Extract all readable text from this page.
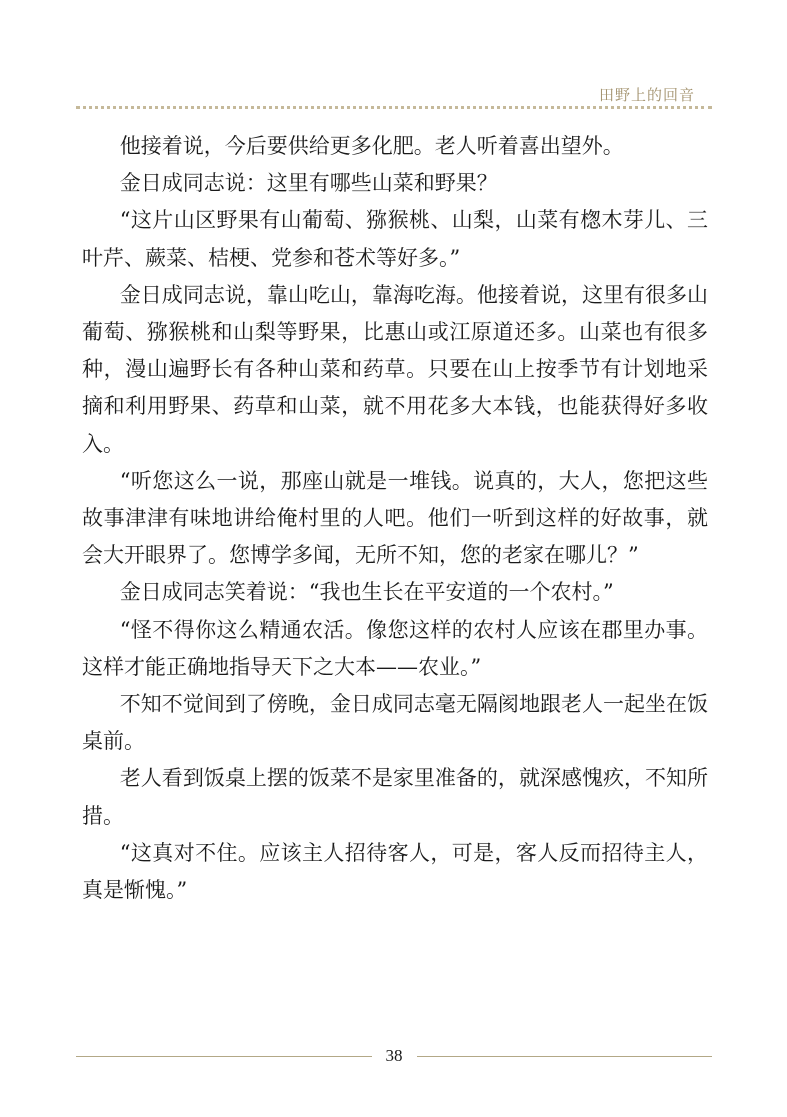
田野上的回音

他接着说，今后要供给更多化肥。老人听着喜出望外。

金日成同志说：这里有哪些山菜和野果？

“这片山区野果有山葡萄、猕猴桃、山梨，山菜有楤木芽儿、三叶芹、蕨菜、桔梗、党参和苍术等好多。”

金日成同志说，靠山吃山，靠海吃海。他接着说，这里有很多山葡萄、猕猴桃和山梨等野果，比惠山或江原道还多。山菜也有很多种，漫山遍野长有各种山菜和药草。只要在山上按季节有计划地采摘和利用野果、药草和山菜，就不用花多大本钱，也能获得好多收入。

“听您这么一说，那座山就是一堆钱。说真的，大人，您把这些故事津津有味地讲给俺村里的人吧。他们一听到这样的好故事，就会大开眼界了。您博学多闻，无所不知，您的老家在哪儿？”

金日成同志笑着说：“我也生长在平安道的一个农村。”

“怪不得你这么精通农活。像您这样的农村人应该在郡里办事。这样才能正确地指导天下之大本——农业。”

不知不觉间到了傍晚，金日成同志毫无隔阂地跟老人一起坐在饭桌前。

老人看到饭桌上摆的饭菜不是家里准备的，就深感愧疚，不知所措。

“这真对不住。应该主人招待客人，可是，客人反而招待主人，真是惭愧。”

38
